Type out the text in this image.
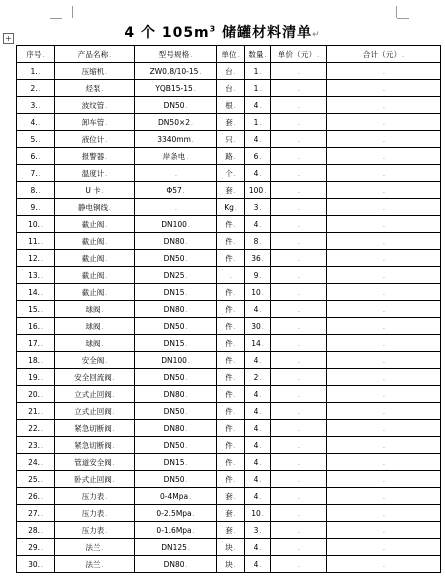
4 个 $105m^3$ 储罐材料清单↵
+
序号.	产品名称.	型号规格.	单位.	数量.	单价（元）.	合计（元）.
1..	压缩机.	ZW0.8/10-15.	台.	1.	.	.
2..	烃泵.	YQB15-15.	台.	1.	.	.
3..	波纹管.	DN50.	根.	4.	.	.
4..	卸车管.	DN50×2.	套.	1.	.	.
5..	液位计.	3340mm.	只.	4.	.	.
6..	报警器.	岸条电.	路.	6.	.	.
7..	温度计.	.	个.	4.	.	.
8..	U 卡.	Φ57.	套.	100.	.	.
9..	静电铜线.	.	Kg.	3.	.	.
10..	截止阀.	DN100.	件.	4.	.	.
11..	截止阀.	DN80.	件.	8.	.	.
12..	截止阀.	DN50.	件.	36.	.	.
13..	截止阀.	DN25.	.	9.	.	.
14..	截止阀.	DN15.	件.	10.	.	.
15..	球阀.	DN80.	件.	4.	.	.
16..	球阀.	DN50.	件.	30.	.	.
17..	球阀.	DN15.	件.	14.	.	.
18..	安全阀.	DN100.	件.	4.	.	.
19..	安全回流阀.	DN50.	件.	2.	.	.
20..	立式止回阀.	DN80.	件.	4.	.	.
21..	立式止回阀.	DN50.	件.	4.	.	.
22..	紧急切断阀.	DN80.	件.	4.	.	.
23..	紧急切断阀.	DN50.	件.	4.	.	.
24..	管道安全阀.	DN15.	件.	4.	.	.
25..	卧式止回阀.	DN50.	件.	4.	.	.
26..	压力表.	0-4Mpa.	套.	4.	.	.
27..	压力表.	0-2.5Mpa.	套.	10.	.	.
28..	压力表.	0-1.6Mpa.	套.	3.	.	.
29..	法兰.	DN125.	块.	4.	.	.
30..	法兰.	DN80.	块.	4.	.	.
